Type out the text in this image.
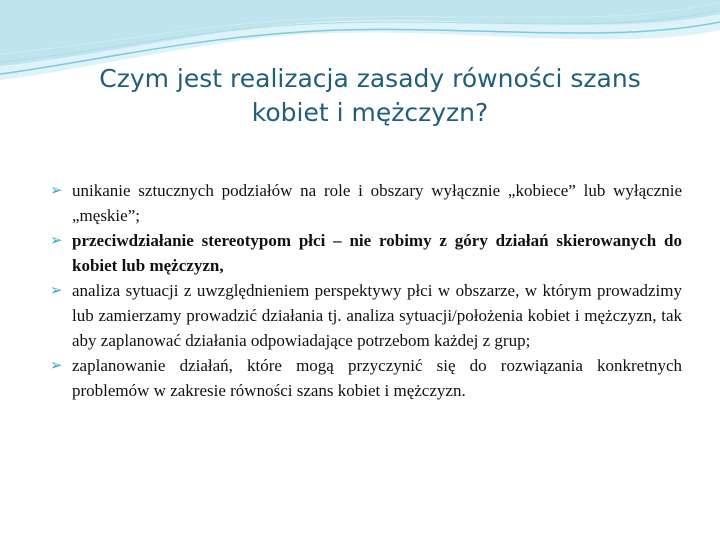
Czym jest realizacja zasady równości szans
kobiet i mężczyzn?
➢ unikanie sztucznych podziałów na role i obszary wyłącznie „kobiece” lub wyłącznie „męskie”;
➢ przeciwdziałanie stereotypom płci – nie robimy z góry działań skierowanych do kobiet lub mężczyzn,
➢ analiza sytuacji z uwzględnieniem perspektywy płci w obszarze, w którym prowadzimy lub zamierzamy prowadzić działania tj. analiza sytuacji/położenia kobiet i mężczyzn, tak aby zaplanować działania odpowiadające potrzebom każdej z grup;
➢ zaplanowanie działań, które mogą przyczynić się do rozwiązania konkretnych problemów w zakresie równości szans kobiet i mężczyzn.
